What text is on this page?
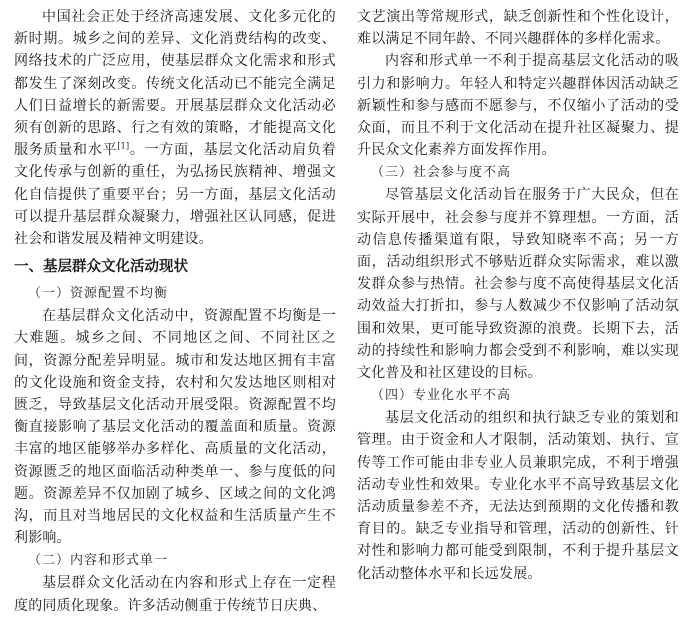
中国社会正处于经济高速发展、文化多元化的新时期。城乡之间的差异、文化消费结构的改变、网络技术的广泛应用，使基层群众文化需求和形式都发生了深刻改变。传统文化活动已不能完全满足人们日益增长的新需要。开展基层群众文化活动必须有创新的思路、行之有效的策略，才能提高文化服务质量和水平[1]。一方面，基层文化活动肩负着文化传承与创新的重任，为弘扬民族精神、增强文化自信提供了重要平台；另一方面，基层文化活动可以提升基层群众凝聚力，增强社区认同感，促进社会和谐发展及精神文明建设。

一、基层群众文化活动现状

（一）资源配置不均衡

在基层群众文化活动中，资源配置不均衡是一大难题。城乡之间、不同地区之间、不同社区之间，资源分配差异明显。城市和发达地区拥有丰富的文化设施和资金支持，农村和欠发达地区则相对匮乏，导致基层文化活动开展受限。资源配置不均衡直接影响了基层文化活动的覆盖面和质量。资源丰富的地区能够举办多样化、高质量的文化活动，资源匮乏的地区面临活动种类单一、参与度低的问题。资源差异不仅加剧了城乡、区域之间的文化鸿沟，而且对当地居民的文化权益和生活质量产生不利影响。

（二）内容和形式单一

基层群众文化活动在内容和形式上存在一定程度的同质化现象。许多活动侧重于传统节日庆典、

文艺演出等常规形式，缺乏创新性和个性化设计，难以满足不同年龄、不同兴趣群体的多样化需求。

内容和形式单一不利于提高基层文化活动的吸引力和影响力。年轻人和特定兴趣群体因活动缺乏新颖性和参与感而不愿参与，不仅缩小了活动的受众面，而且不利于文化活动在提升社区凝聚力、提升民众文化素养方面发挥作用。

（三）社会参与度不高

尽管基层文化活动旨在服务于广大民众，但在实际开展中，社会参与度并不算理想。一方面，活动信息传播渠道有限，导致知晓率不高；另一方面，活动组织形式不够贴近群众实际需求，难以激发群众参与热情。社会参与度不高使得基层文化活动效益大打折扣，参与人数减少不仅影响了活动氛围和效果，更可能导致资源的浪费。长期下去，活动的持续性和影响力都会受到不利影响，难以实现文化普及和社区建设的目标。

（四）专业化水平不高

基层文化活动的组织和执行缺乏专业的策划和管理。由于资金和人才限制，活动策划、执行、宣传等工作可能由非专业人员兼职完成，不利于增强活动专业性和效果。专业化水平不高导致基层文化活动质量参差不齐，无法达到预期的文化传播和教育目的。缺乏专业指导和管理，活动的创新性、针对性和影响力都可能受到限制，不利于提升基层文化活动整体水平和长远发展。
